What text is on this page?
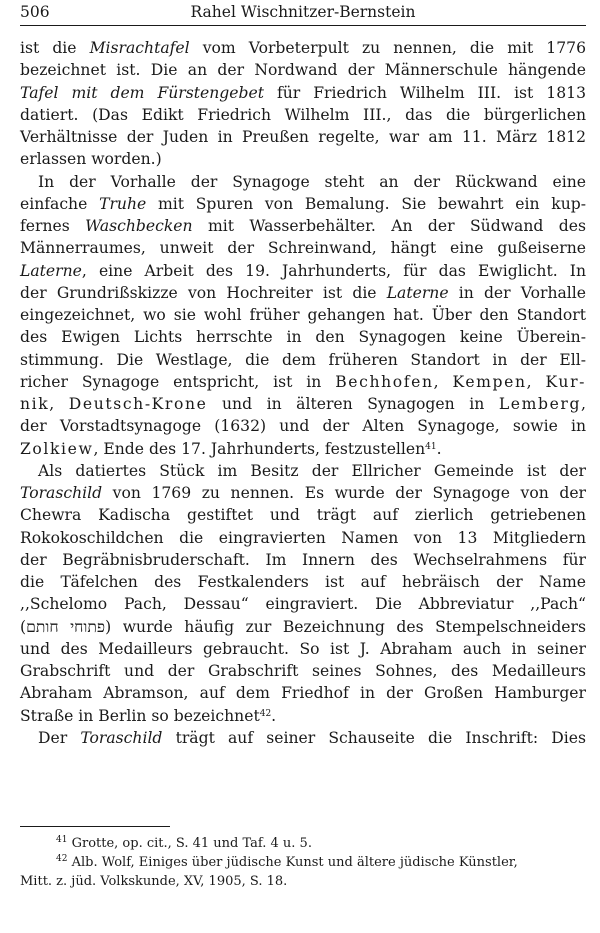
506	Rahel Wischnitzer-Bernstein
ist die Misrachtafel vom Vorbeterpult zu nennen, die mit 1776
bezeichnet ist. Die an der Nordwand der Männerschule hängende
Tafel mit dem Fürstengebet für Friedrich Wilhelm III. ist 1813
datiert. (Das Edikt Friedrich Wilhelm III., das die bürgerlichen
Verhältnisse der Juden in Preußen regelte, war am 11. März 1812
erlassen worden.)
In der Vorhalle der Synagoge steht an der Rückwand eine
einfache Truhe mit Spuren von Bemalung. Sie bewahrt ein kup-
fernes Waschbecken mit Wasserbehälter. An der Südwand des
Männerraumes, unweit der Schreinwand, hängt eine gußeiserne
Laterne, eine Arbeit des 19. Jahrhunderts, für das Ewiglicht. In
der Grundrißskizze von Hochreiter ist die Laterne in der Vorhalle
eingezeichnet, wo sie wohl früher gehangen hat. Über den Standort
des Ewigen Lichts herrschte in den Synagogen keine Überein-
stimmung. Die Westlage, die dem früheren Standort in der Ell-
richer Synagoge entspricht, ist in Bechhofen, Kempen, Kur-
nik, Deutsch-Krone und in älteren Synagogen in Lemberg,
der Vorstadtsynagoge (1632) und der Alten Synagoge, sowie in
Zolkiew, Ende des 17. Jahrhunderts, festzustellen$^{41}$.
Als datiertes Stück im Besitz der Ellricher Gemeinde ist der
Toraschild von 1769 zu nennen. Es wurde der Synagoge von der
Chewra Kadischa gestiftet und trägt auf zierlich getriebenen
Rokokoschildchen die eingravierten Namen von 13 Mitgliedern
der Begräbnisbruderschaft. Im Innern des Wechselrahmens für
die Täfelchen des Festkalenders ist auf hebräisch der Name
,,Schelomo Pach, Dessau“ eingraviert. Die Abbreviatur ,,Pach“
(פתוחי חותם) wurde häufig zur Bezeichnung des Stempelschneiders
und des Medailleurs gebraucht. So ist J. Abraham auch in seiner
Grabschrift und der Grabschrift seines Sohnes, des Medailleurs
Abraham Abramson, auf dem Friedhof in der Großen Hamburger
Straße in Berlin so bezeichnet$^{42}$.
Der Toraschild trägt auf seiner Schauseite die Inschrift: Dies
$^{41}$ Grotte, op. cit., S. 41 und Taf. 4 u. 5.
$^{42}$ Alb. Wolf, Einiges über jüdische Kunst und ältere jüdische Künstler,
Mitt. z. jüd. Volkskunde, XV, 1905, S. 18.
